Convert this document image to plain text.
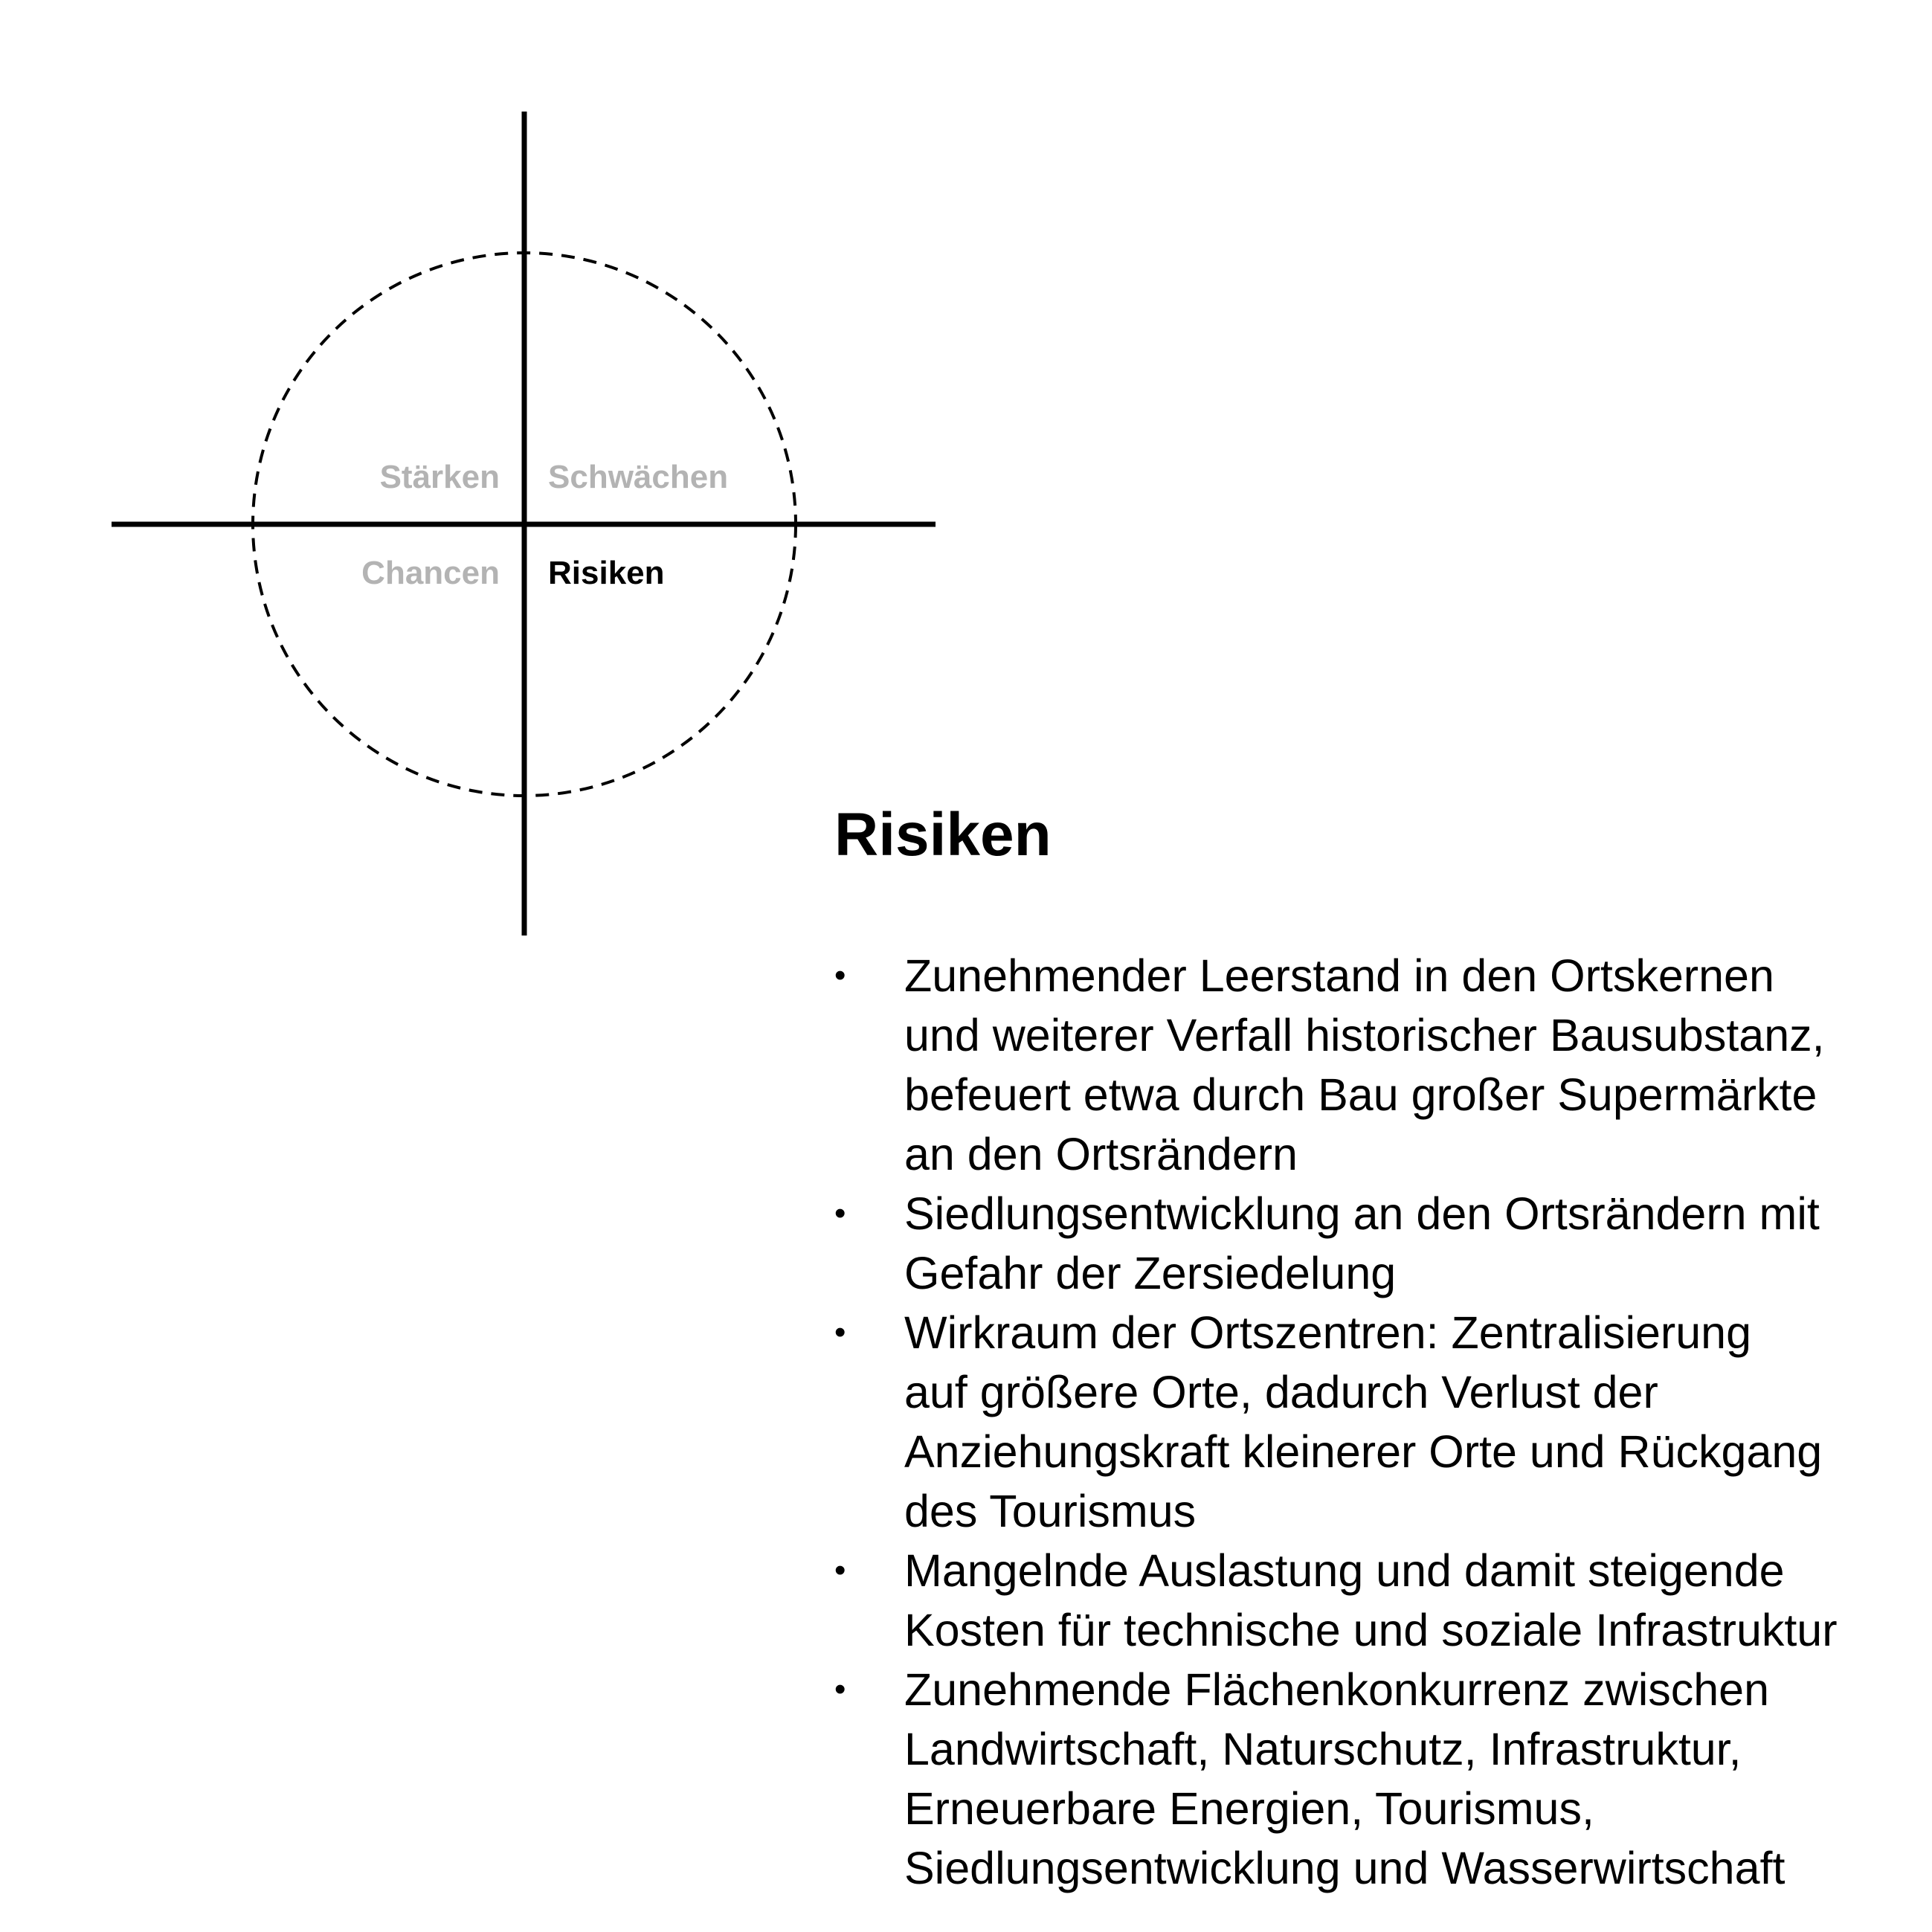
Stärken Schwächen
Chancen Risiken
Risiken
• Zunehmender Leerstand in den Ortskernen
und weiterer Verfall historischer Bausubstanz,
befeuert etwa durch Bau großer Supermärkte
an den Ortsrändern
• Siedlungsentwicklung an den Ortsrändern mit
Gefahr der Zersiedelung
• Wirkraum der Ortszentren: Zentralisierung
auf größere Orte, dadurch Verlust der
Anziehungskraft kleinerer Orte und Rückgang
des Tourismus
• Mangelnde Auslastung und damit steigende
Kosten für technische und soziale Infrastruktur
• Zunehmende Flächenkonkurrenz zwischen
Landwirtschaft, Naturschutz, Infrastruktur,
Erneuerbare Energien, Tourismus,
Siedlungsentwicklung und Wasserwirtschaft
